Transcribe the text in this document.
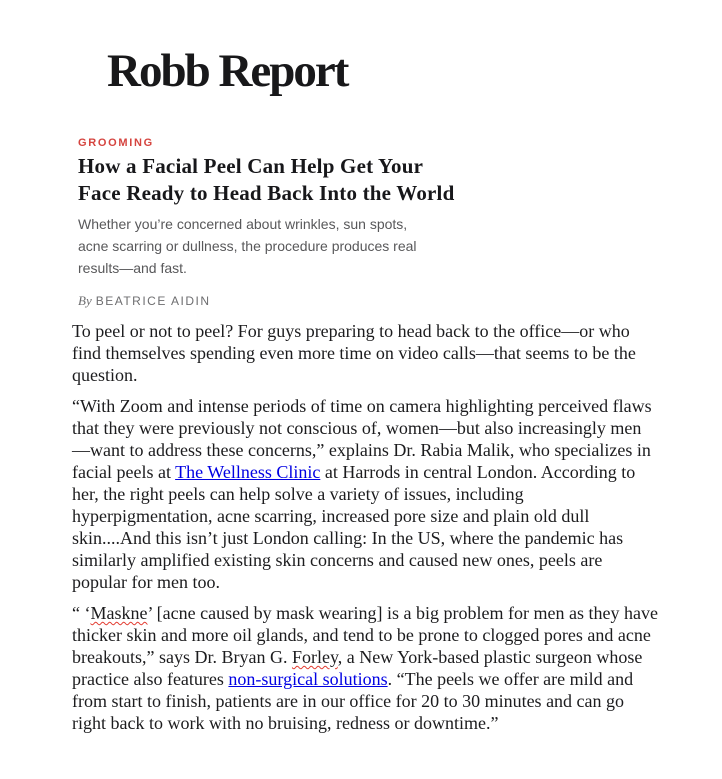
Robb Report
GROOMING
How a Facial Peel Can Help Get Your
Face Ready to Head Back Into the World

Whether you’re concerned about wrinkles, sun spots,
acne scarring or dullness, the procedure produces real
results—and fast.

By BEATRICE AIDIN

To peel or not to peel? For guys preparing to head back to the office—or who find themselves spending even more time on video calls—that seems to be the question.

“With Zoom and intense periods of time on camera highlighting perceived flaws that they were previously not conscious of, women—but also increasingly men—want to address these concerns,” explains Dr. Rabia Malik, who specializes in facial peels at The Wellness Clinic at Harrods in central London. According to her, the right peels can help solve a variety of issues, including hyperpigmentation, acne scarring, increased pore size and plain old dull skin....And this isn’t just London calling: In the US, where the pandemic has similarly amplified existing skin concerns and caused new ones, peels are popular for men too.

“ ‘Maskne’ [acne caused by mask wearing] is a big problem for men as they have thicker skin and more oil glands, and tend to be prone to clogged pores and acne breakouts,” says Dr. Bryan G. Forley, a New York-based plastic surgeon whose practice also features non-surgical solutions. “The peels we offer are mild and from start to finish, patients are in our office for 20 to 30 minutes and can go right back to work with no bruising, redness or downtime.”
